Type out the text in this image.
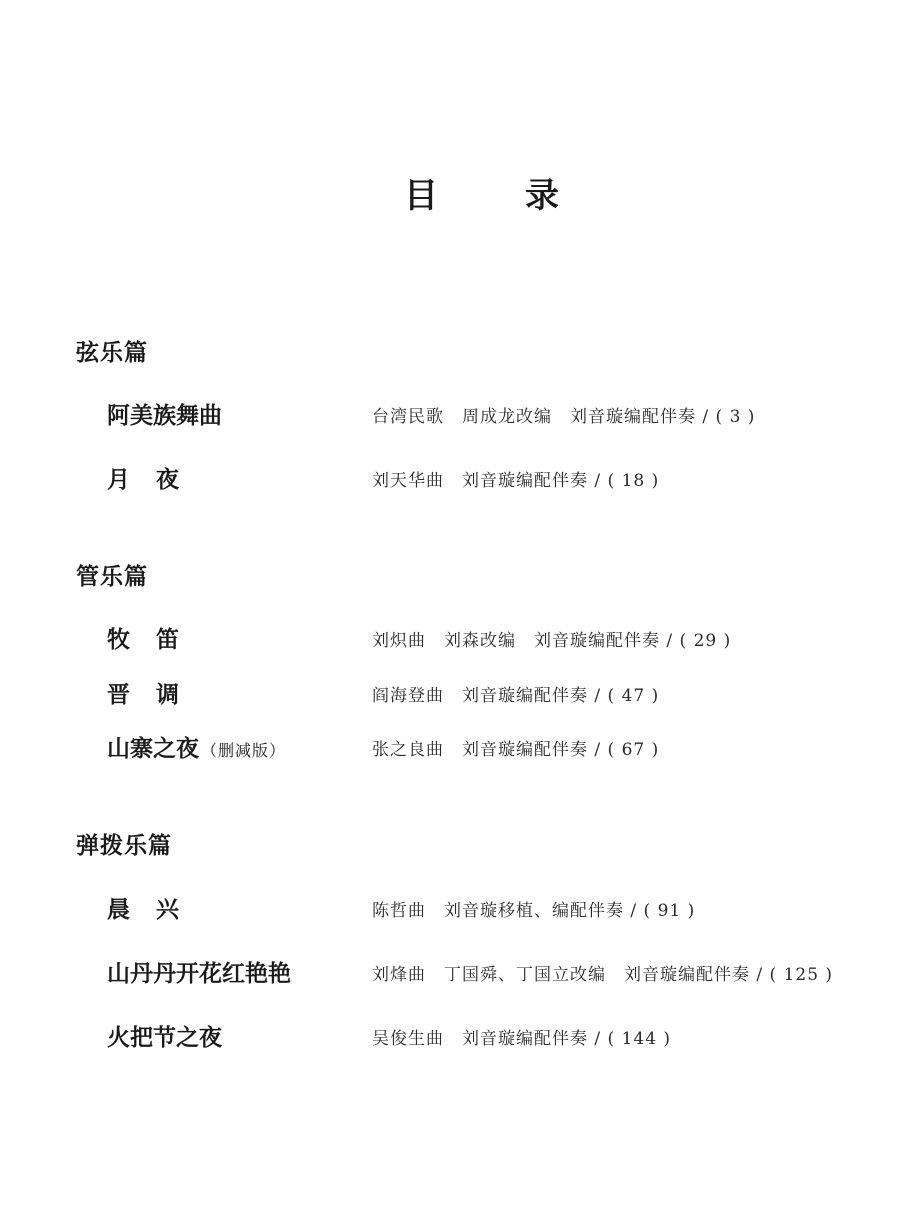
目	录
弦乐篇
阿美族舞曲	台湾民歌　周成龙改编　刘音璇编配伴奏 / ( 3 )
月夜	刘天华曲　刘音璇编配伴奏 / ( 18 )
管乐篇
牧笛	刘炽曲　刘森改编　刘音璇编配伴奏 / ( 29 )
晋调	阎海登曲　刘音璇编配伴奏 / ( 47 )
山寨之夜 （删减版）	张之良曲　刘音璇编配伴奏 / ( 67 )
弹拨乐篇
晨兴	陈哲曲　刘音璇移植、编配伴奏 / ( 91 )
山丹丹开花红艳艳	刘烽曲　丁国舜、丁国立改编　刘音璇编配伴奏 / ( 125 )
火把节之夜	吴俊生曲　刘音璇编配伴奏 / ( 144 )
